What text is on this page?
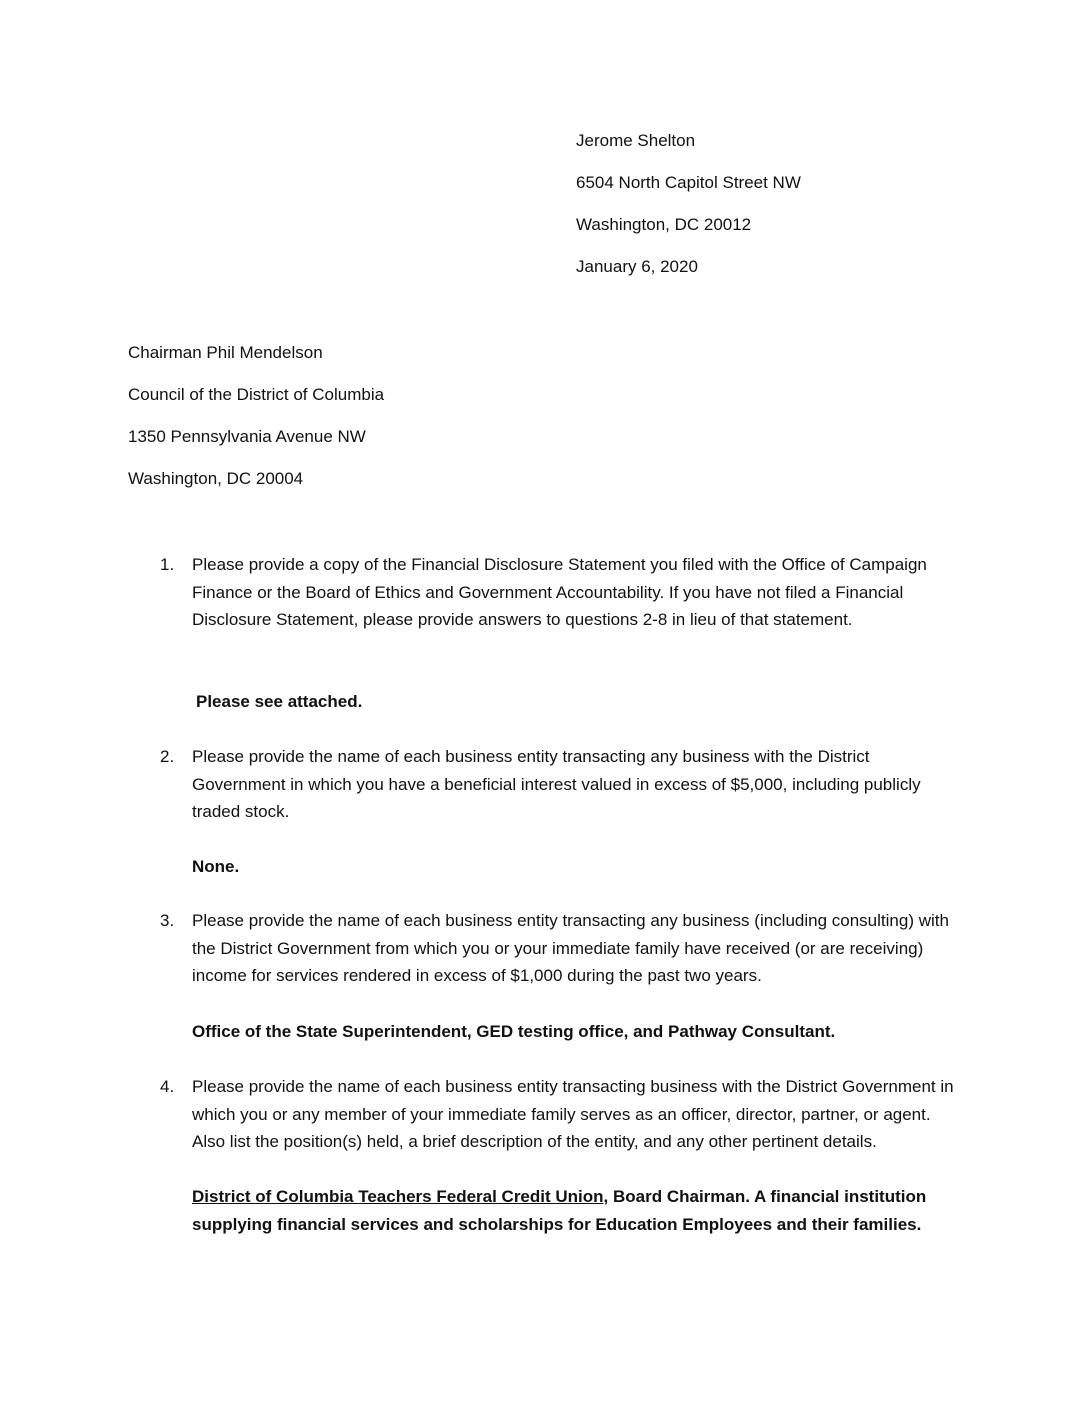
Jerome Shelton
6504 North Capitol Street NW
Washington, DC 20012
January 6, 2020
Chairman Phil Mendelson
Council of the District of Columbia
1350 Pennsylvania Avenue NW
Washington, DC 20004
1.	Please provide a copy of the Financial Disclosure Statement you filed with the Office of Campaign Finance or the Board of Ethics and Government Accountability. If you have not filed a Financial Disclosure Statement, please provide answers to questions 2-8 in lieu of that statement.
Please see attached.
2.	Please provide the name of each business entity transacting any business with the District Government in which you have a beneficial interest valued in excess of $5,000, including publicly traded stock.
None.
3.	Please provide the name of each business entity transacting any business (including consulting) with the District Government from which you or your immediate family have received (or are receiving) income for services rendered in excess of $1,000 during the past two years.
Office of the State Superintendent, GED testing office, and Pathway Consultant.
4.	Please provide the name of each business entity transacting business with the District Government in which you or any member of your immediate family serves as an officer, director, partner, or agent. Also list the position(s) held, a brief description of the entity, and any other pertinent details.
District of Columbia Teachers Federal Credit Union, Board Chairman. A financial institution supplying financial services and scholarships for Education Employees and their families.
